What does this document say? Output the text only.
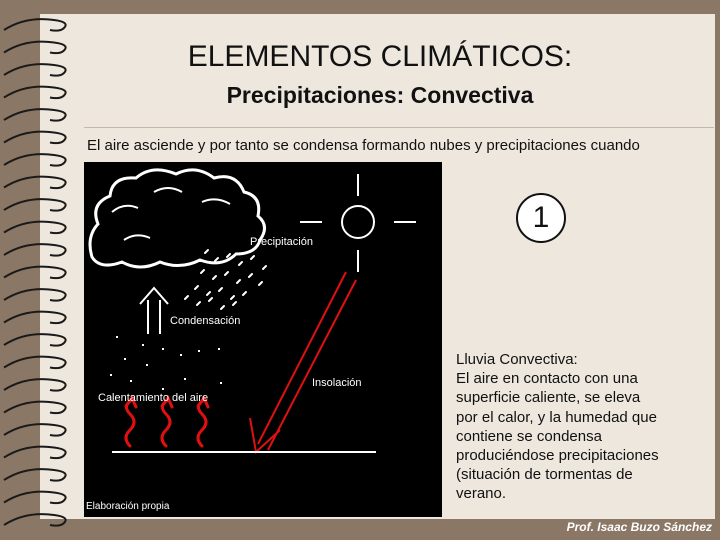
ELEMENTOS CLIMÁTICOS:
Precipitaciones: Convectiva
El aire asciende y por tanto se condensa formando nubes y precipitaciones cuando
Precipitación
Condensación
Insolación
Calentamiento del aire
Elaboración propia
1
Lluvia Convectiva:
El aire en contacto con una
superficie caliente, se eleva
por el calor, y la humedad que
contiene se condensa
produciéndose precipitaciones
(situación de tormentas de
verano.
Prof. Isaac Buzo Sánchez
